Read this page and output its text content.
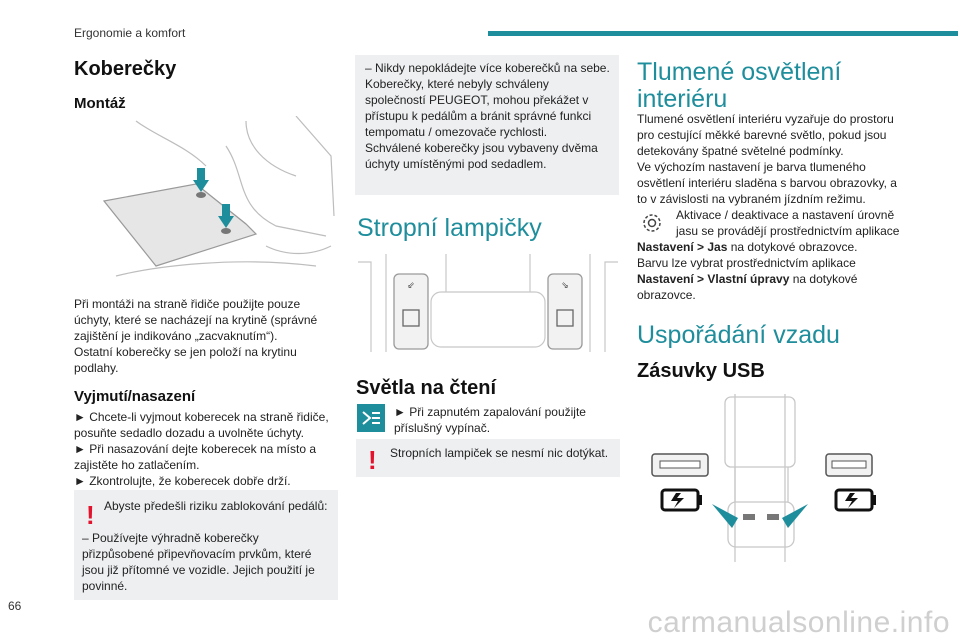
Ergonomie a komfort
Koberečky
Montáž
Při montáži na straně řidiče použijte pouze úchyty, které se nacházejí na krytině (správné zajištění je indikováno „zacvaknutím“).
Ostatní koberečky se jen položí na krytinu podlahy.
Vyjmutí/nasazení
► Chcete-li vyjmout koberecek na straně řidiče, posuňte sedadlo dozadu a uvolněte úchyty.
► Při nasazování dejte koberecek na místo a zajistěte ho zatlačením.
► Zkontrolujte, že koberecek dobře drží.
! Abyste předešli riziku zablokování pedálů:
– Používejte výhradně koberečky přizpůsobené připevňovacím prvkům, které jsou již přítomné ve vozidle. Jejich použití je povinné.
– Nikdy nepokládejte více koberečků na sebe.
Koberečky, které nebyly schváleny společností PEUGEOT, mohou překážet v přístupu k pedálům a bránit správné funkci tempomatu / omezovače rychlosti.
Schválené koberečky jsou vybaveny dvěma úchyty umístěnými pod sedadlem.
Stropní lampičky
⇙	⇘
Světla na čtení
► Při zapnutém zapalování použijte příslušný vypínač.
! Stropních lampiček se nesmí nic dotýkat.
Tlumené osvětlení interiéru
Tlumené osvětlení interiéru vyzařuje do prostoru pro cestující měkké barevné světlo, pokud jsou detekovány špatné světelné podmínky.
Ve výchozím nastavení je barva tlumeného osvětlení interiéru sladěna s barvou obrazovky, a to v závislosti na vybraném jízdním režimu.
Aktivace / deaktivace a nastavení úrovně jasu se provádějí prostřednictvím aplikace
Nastavení > Jas na dotykové obrazovce.
Barvu lze vybrat prostřednictvím aplikace Nastavení > Vlastní úpravy na dotykové obrazovce.
Uspořádání vzadu
Zásuvky USB
66	carmanualsonline.info
